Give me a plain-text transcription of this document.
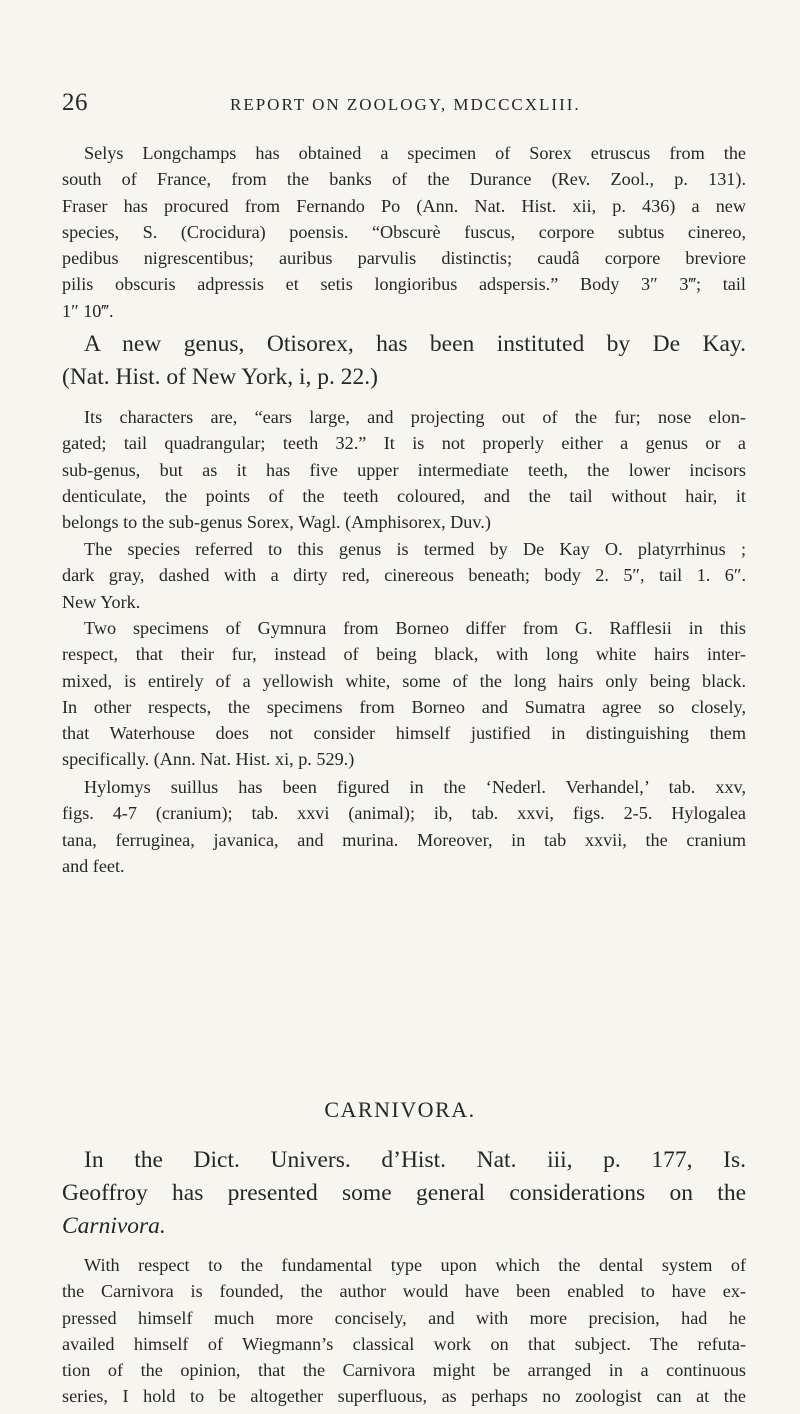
26	REPORT ON ZOOLOGY, MDCCCXLIII.

Selys Longchamps has obtained a specimen of Sorex etruscus from the
south of France, from the banks of the Durance (Rev. Zool., p. 131).
Fraser has procured from Fernando Po (Ann. Nat. Hist. xii, p. 436) a new
species, S. (Crocidura) poensis. “Obscurè fuscus, corpore subtus cinereo,
pedibus nigrescentibus; auribus parvulis distinctis; caudâ corpore breviore
pilis obscuris adpressis et setis longioribus adspersis.” Body 3″ 3‴; tail
1″ 10‴.

A new genus, Otisorex, has been instituted by De Kay.
(Nat. Hist. of New York, i, p. 22.)

Its characters are, “ears large, and projecting out of the fur; nose elon-
gated; tail quadrangular; teeth 32.” It is not properly either a genus or a
sub-genus, but as it has five upper intermediate teeth, the lower incisors
denticulate, the points of the teeth coloured, and the tail without hair, it
belongs to the sub-genus Sorex, Wagl. (Amphisorex, Duv.)

The species referred to this genus is termed by De Kay O. platyrrhinus ;
dark gray, dashed with a dirty red, cinereous beneath; body 2. 5″, tail 1. 6″.
New York.

Two specimens of Gymnura from Borneo differ from G. Rafflesii in this
respect, that their fur, instead of being black, with long white hairs inter-
mixed, is entirely of a yellowish white, some of the long hairs only being black.
In other respects, the specimens from Borneo and Sumatra agree so closely,
that Waterhouse does not consider himself justified in distinguishing them
specifically. (Ann. Nat. Hist. xi, p. 529.)

Hylomys suillus has been figured in the ‘Nederl. Verhandel,’ tab. xxv,
figs. 4-7 (cranium); tab. xxvi (animal); ib, tab. xxvi, figs. 2-5. Hylogalea
tana, ferruginea, javanica, and murina. Moreover, in tab xxvii, the cranium
and feet.

CARNIVORA.

In the Dict. Univers. d’Hist. Nat. iii, p. 177, Is.
Geoffroy has presented some general considerations on the
Carnivora.

With respect to the fundamental type upon which the dental system of
the Carnivora is founded, the author would have been enabled to have ex-
pressed himself much more concisely, and with more precision, had he
availed himself of Wiegmann’s classical work on that subject. The refuta-
tion of the opinion, that the Carnivora might be arranged in a continuous
series, I hold to be altogether superfluous, as perhaps no zoologist can at the
